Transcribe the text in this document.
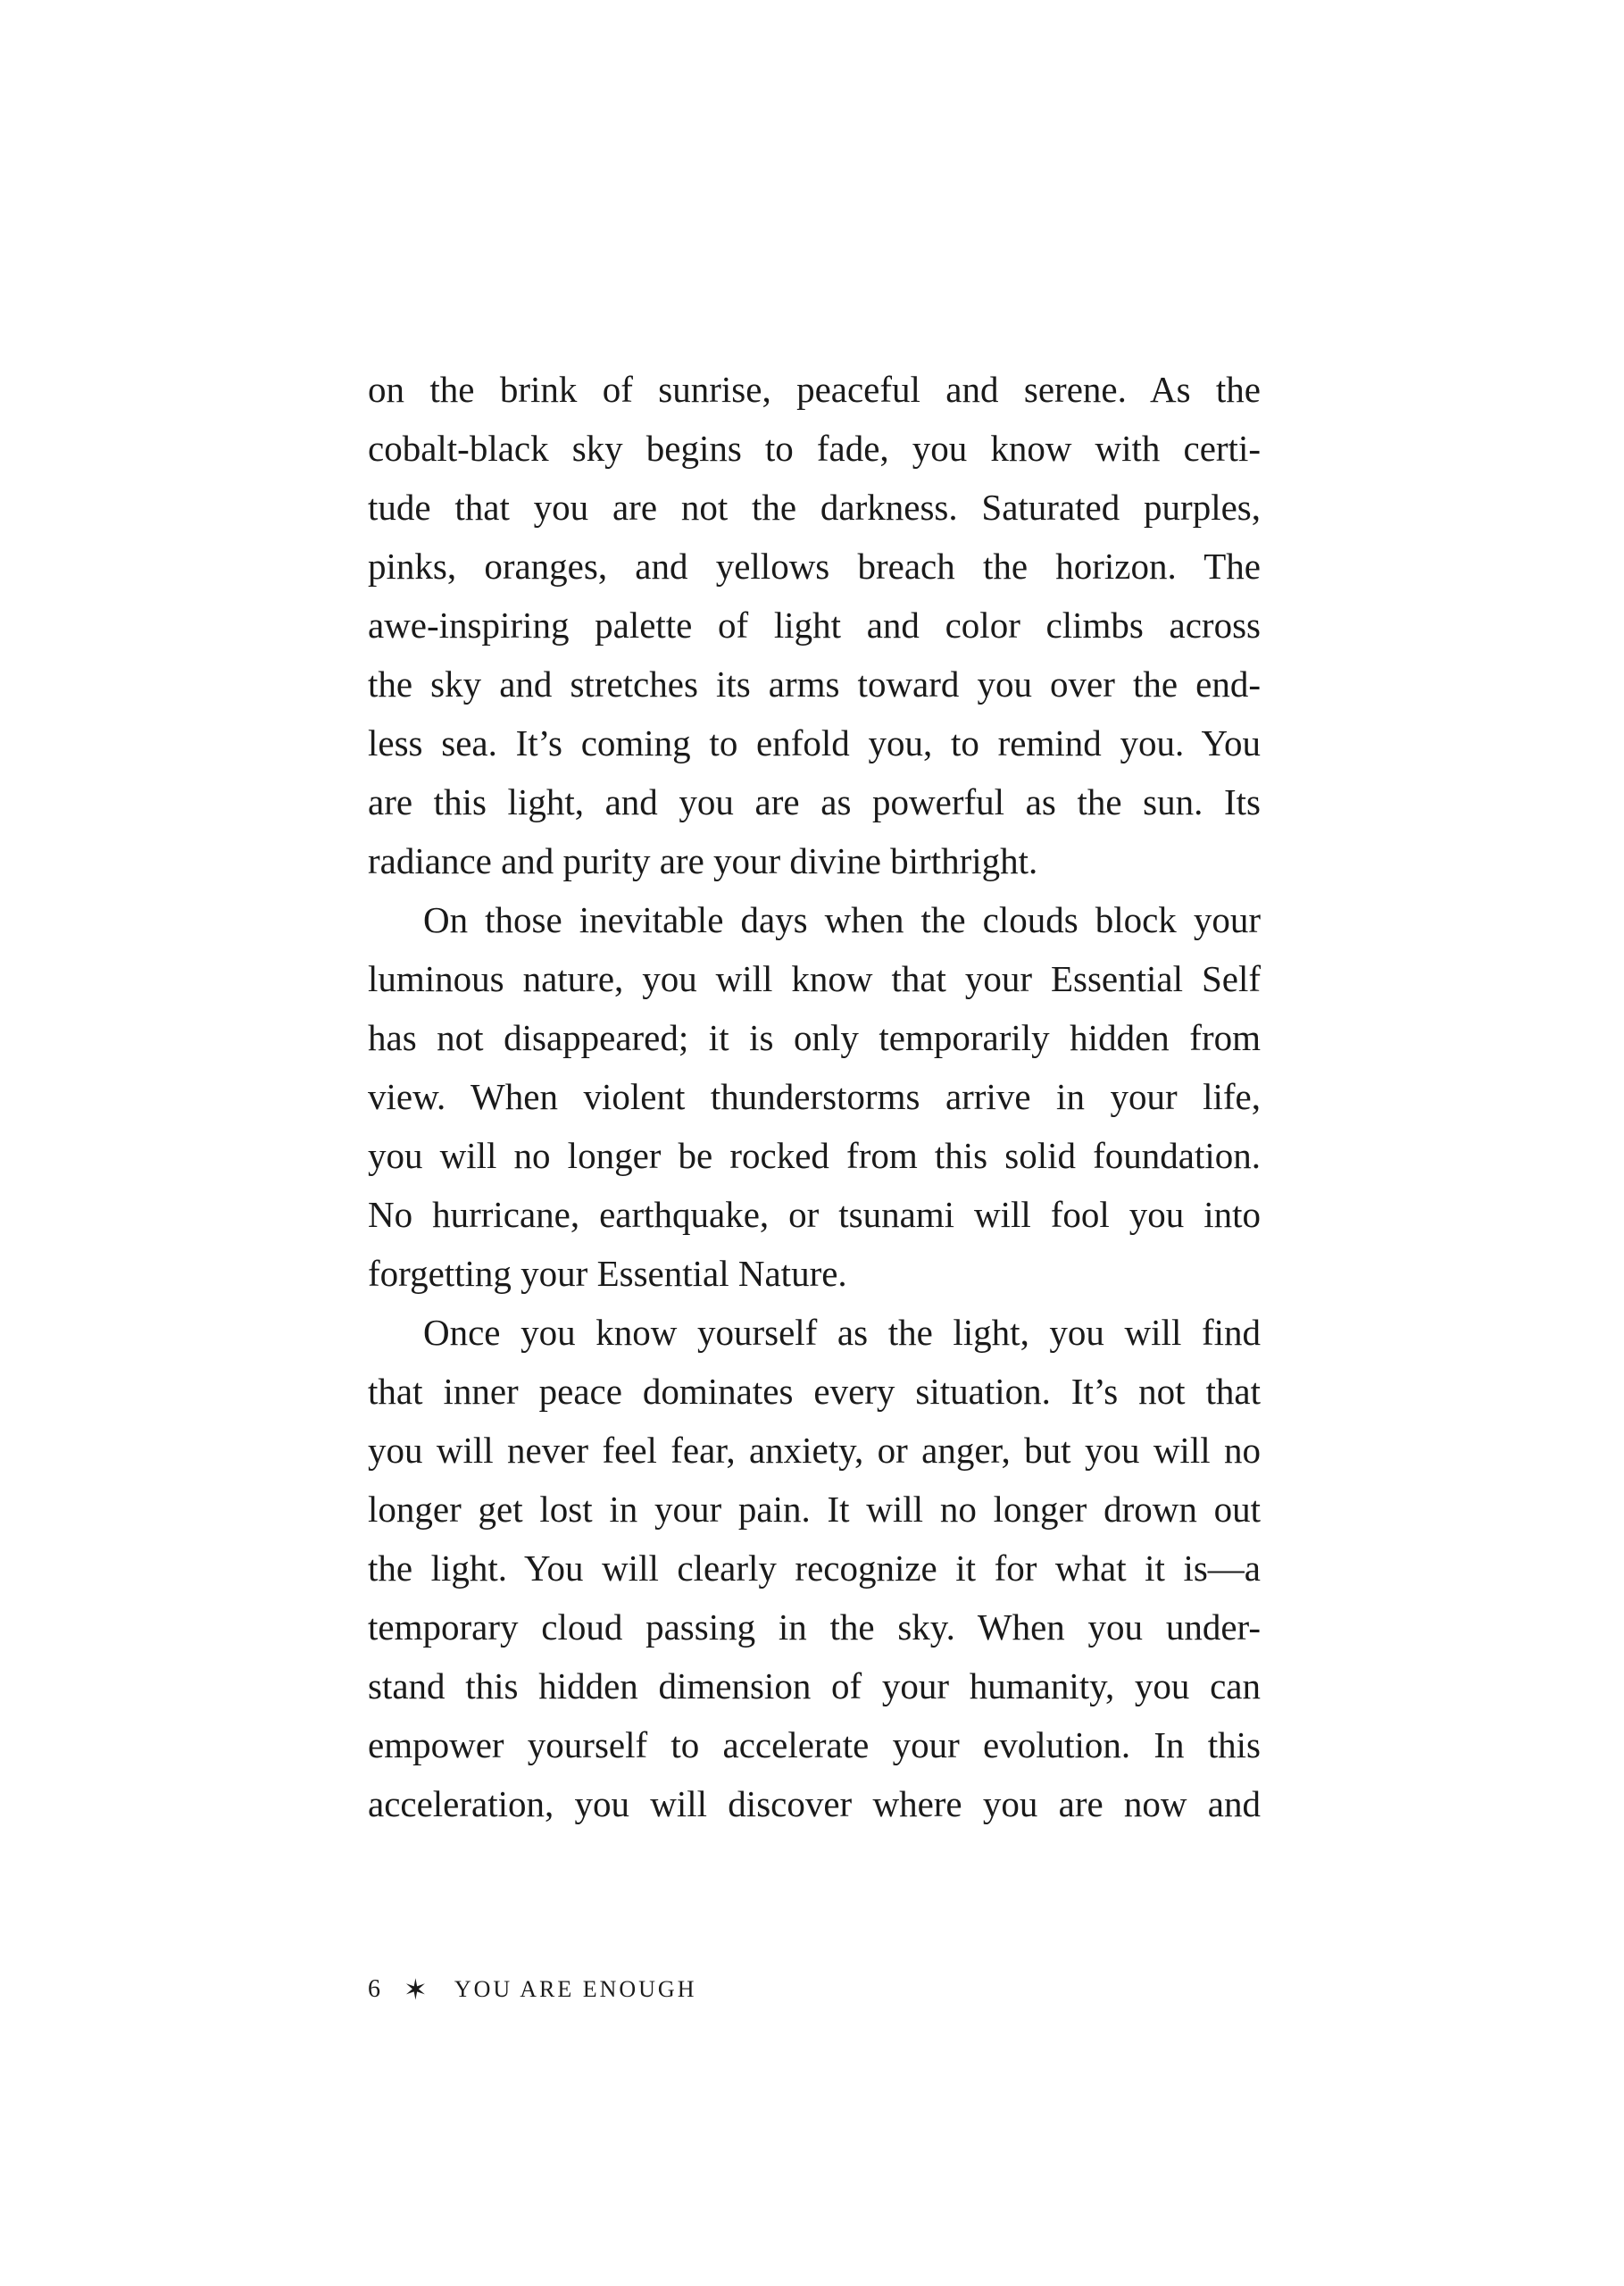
on the brink of sunrise, peaceful and serene. As the
cobalt-black sky begins to fade, you know with certi-
tude that you are not the darkness. Saturated purples,
pinks, oranges, and yellows breach the horizon. The
awe-inspiring palette of light and color climbs across
the sky and stretches its arms toward you over the end-
less sea. It’s coming to enfold you, to remind you. You
are this light, and you are as powerful as the sun. Its
radiance and purity are your divine birthright.
On those inevitable days when the clouds block your
luminous nature, you will know that your Essential Self
has not disappeared; it is only temporarily hidden from
view. When violent thunderstorms arrive in your life,
you will no longer be rocked from this solid foundation.
No hurricane, earthquake, or tsunami will fool you into
forgetting your Essential Nature.
Once you know yourself as the light, you will find
that inner peace dominates every situation. It’s not that
you will never feel fear, anxiety, or anger, but you will no
longer get lost in your pain. It will no longer drown out
the light. You will clearly recognize it for what it is—a
temporary cloud passing in the sky. When you under-
stand this hidden dimension of your humanity, you can
empower yourself to accelerate your evolution. In this
acceleration, you will discover where you are now and
6 ✶ YOU ARE ENOUGH
